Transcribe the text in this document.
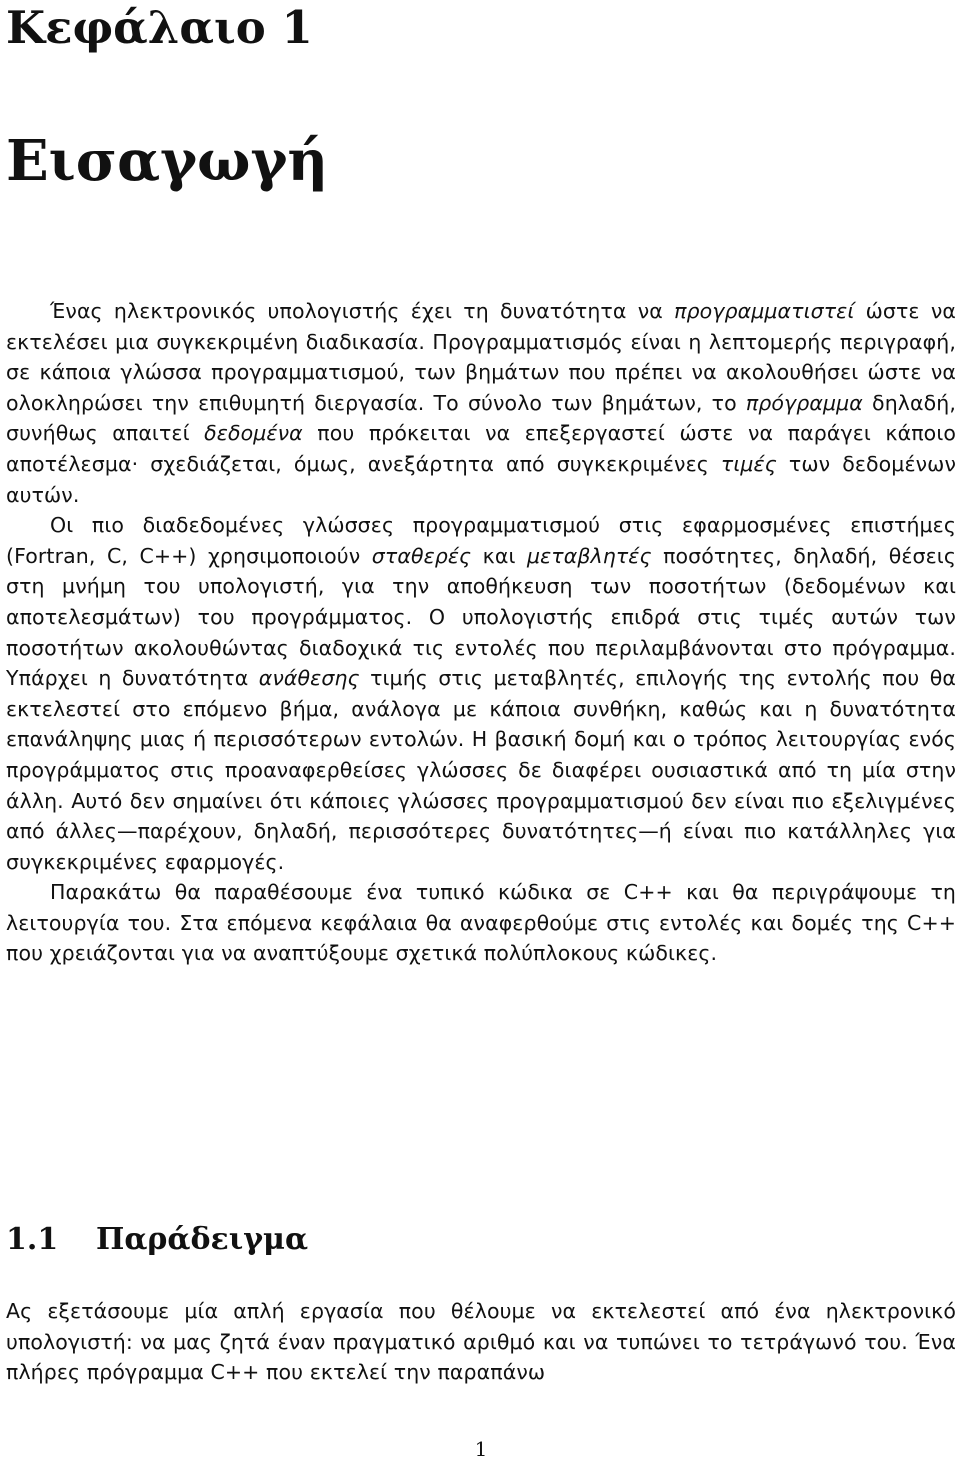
Κεφάλαιο 1
Εισαγωγή

Ένας ηλεκτρονικός υπολογιστής έχει τη δυνατότητα να προγραμματιστεί ώστε να εκτελέσει μια συγκεκριμένη διαδικασία. Προγραμματισμός είναι η λεπτομερής περιγραφή, σε κάποια γλώσσα προγραμματισμού, των βημάτων που πρέπει να ακολουθήσει ώστε να ολοκληρώσει την επιθυμητή διεργασία. Το σύνολο των βημάτων, το πρόγραμμα δηλαδή, συνήθως απαιτεί δεδομένα που πρόκειται να επεξεργαστεί ώστε να παράγει κάποιο αποτέλεσμα· σχεδιάζεται, όμως, ανεξάρτητα από συγκεκριμένες τιμές των δεδομένων αυτών.

Οι πιο διαδεδομένες γλώσσες προγραμματισμού στις εφαρμοσμένες επιστήμες (Fortran, C, C++) χρησιμοποιούν σταθερές και μεταβλητές ποσότητες, δηλαδή, θέσεις στη μνήμη του υπολογιστή, για την αποθήκευση των ποσοτήτων (δεδομένων και αποτελεσμάτων) του προγράμματος. Ο υπολογιστής επιδρά στις τιμές αυτών των ποσοτήτων ακολουθώντας διαδοχικά τις εντολές που περιλαμβάνονται στο πρόγραμμα. Υπάρχει η δυνατότητα ανάθεσης τιμής στις μεταβλητές, επιλογής της εντολής που θα εκτελεστεί στο επόμενο βήμα, ανάλογα με κάποια συνθήκη, καθώς και η δυνατότητα επανάληψης μιας ή περισσότερων εντολών. Η βασική δομή και ο τρόπος λειτουργίας ενός προγράμματος στις προαναφερθείσες γλώσσες δε διαφέρει ουσιαστικά από τη μία στην άλλη. Αυτό δεν σημαίνει ότι κάποιες γλώσσες προγραμματισμού δεν είναι πιο εξελιγμένες από άλλες—παρέχουν, δηλαδή, περισσότερες δυνατότητες—ή είναι πιο κατάλληλες για συγκεκριμένες εφαρμογές.

Παρακάτω θα παραθέσουμε ένα τυπικό κώδικα σε C++ και θα περιγράψουμε τη λειτουργία του. Στα επόμενα κεφάλαια θα αναφερθούμε στις εντολές και δομές της C++ που χρειάζονται για να αναπτύξουμε σχετικά πολύπλοκους κώδικες.

1.1 Παράδειγμα

Ας εξετάσουμε μία απλή εργασία που θέλουμε να εκτελεστεί από ένα ηλεκτρονικό υπολογιστή: να μας ζητά έναν πραγματικό αριθμό και να τυπώνει το τετράγωνό του. Ένα πλήρες πρόγραμμα C++ που εκτελεί την παραπάνω

1
